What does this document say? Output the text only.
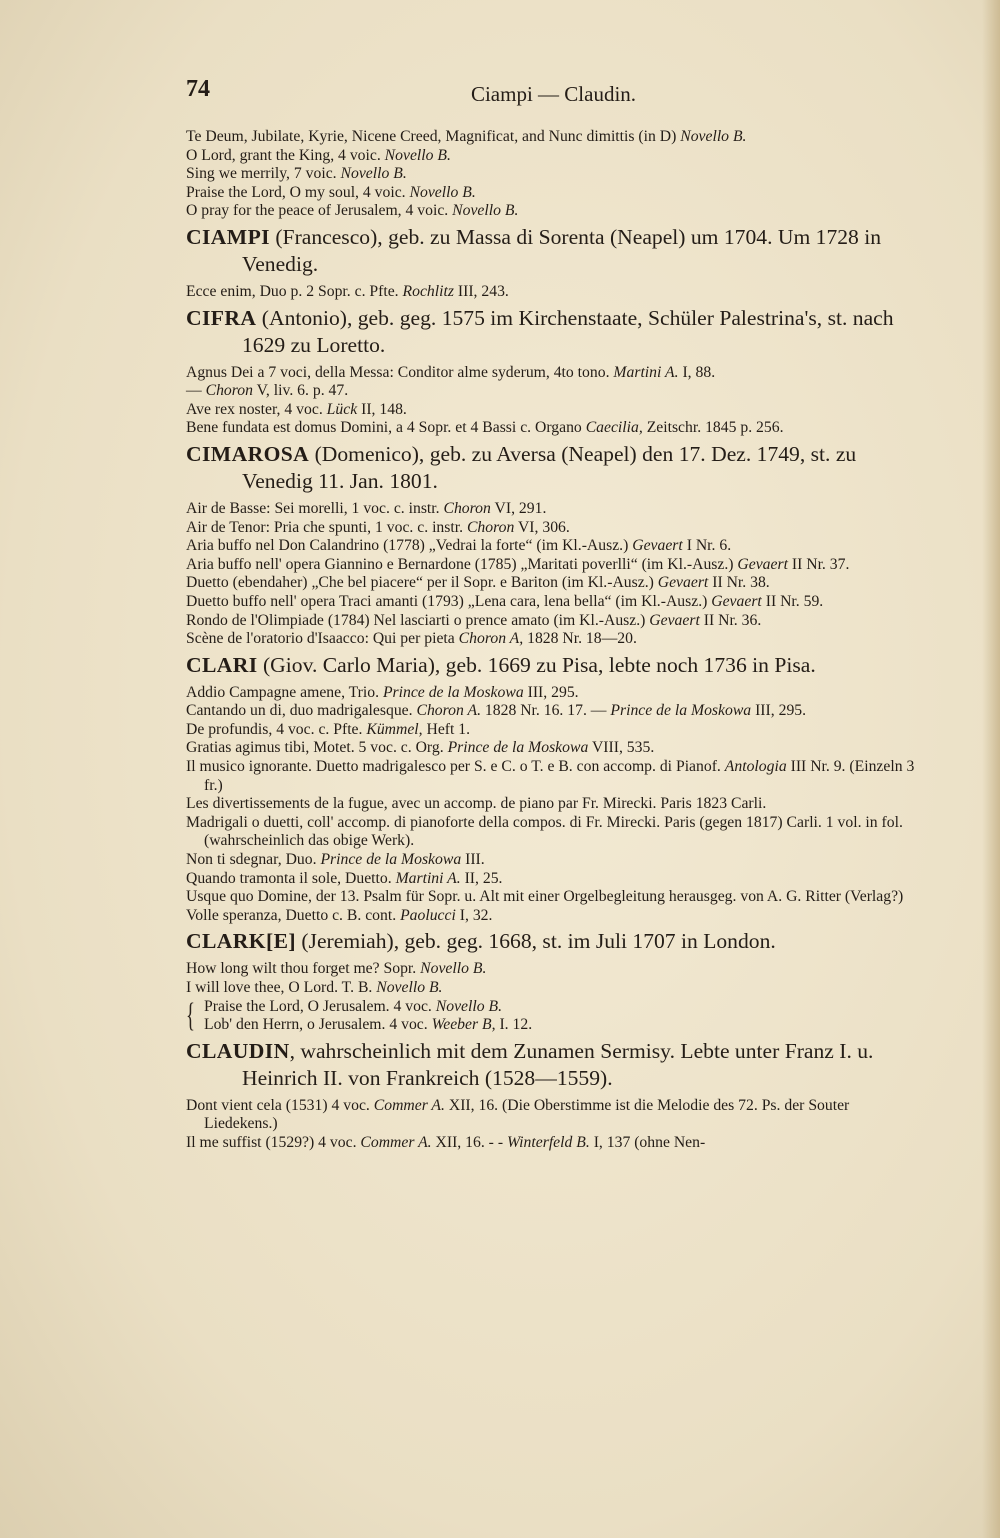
74	Ciampi — Claudin.
Te Deum, Jubilate, Kyrie, Nicene Creed, Magnificat, and Nunc dimittis (in D) Novello B.
O Lord, grant the King, 4 voic. Novello B.
Sing we merrily, 7 voic. Novello B.
Praise the Lord, O my soul, 4 voic. Novello B.
O pray for the peace of Jerusalem, 4 voic. Novello B.
CIAMPI (Francesco), geb. zu Massa di Sorenta (Neapel) um 1704. Um 1728 in Venedig.
Ecce enim, Duo p. 2 Sopr. c. Pfte. Rochlitz III, 243.
CIFRA (Antonio), geb. geg. 1575 im Kirchenstaate, Schüler Palestrina's, st. nach 1629 zu Loretto.
Agnus Dei a 7 voci, della Messa: Conditor alme syderum, 4to tono. Martini A. I, 88.
— Choron V, liv. 6. p. 47.
Ave rex noster, 4 voc. Lück II, 148.
Bene fundata est domus Domini, a 4 Sopr. et 4 Bassi c. Organo Caecilia, Zeitschr. 1845 p. 256.
CIMAROSA (Domenico), geb. zu Aversa (Neapel) den 17. Dez. 1749, st. zu Venedig 11. Jan. 1801.
Air de Basse: Sei morelli, 1 voc. c. instr. Choron VI, 291.
Air de Tenor: Pria che spunti, 1 voc. c. instr. Choron VI, 306.
Aria buffo nel Don Calandrino (1778) „Vedrai la forte“ (im Kl.-Ausz.) Gevaert I Nr. 6.
Aria buffo nell' opera Giannino e Bernardone (1785) „Maritati poverlli“ (im Kl.-Ausz.) Gevaert II Nr. 37.
Duetto (ebendaher) „Che bel piacere“ per il Sopr. e Bariton (im Kl.-Ausz.) Gevaert II Nr. 38.
Duetto buffo nell' opera Traci amanti (1793) „Lena cara, lena bella“ (im Kl.-Ausz.) Gevaert II Nr. 59.
Rondo de l'Olimpiade (1784) Nel lasciarti o prence amato (im Kl.-Ausz.) Gevaert II Nr. 36.
Scène de l'oratorio d'Isaacco: Qui per pieta Choron A, 1828 Nr. 18—20.
CLARI (Giov. Carlo Maria), geb. 1669 zu Pisa, lebte noch 1736 in Pisa.
Addio Campagne amene, Trio. Prince de la Moskowa III, 295.
Cantando un di, duo madrigalesque. Choron A. 1828 Nr. 16. 17. — Prince de la Moskowa III, 295.
De profundis, 4 voc. c. Pfte. Kümmel, Heft 1.
Gratias agimus tibi, Motet. 5 voc. c. Org. Prince de la Moskowa VIII, 535.
Il musico ignorante. Duetto madrigalesco per S. e C. o T. e B. con accomp. di Pianof. Antologia III Nr. 9. (Einzeln 3 fr.)
Les divertissements de la fugue, avec un accomp. de piano par Fr. Mirecki. Paris 1823 Carli.
Madrigali o duetti, coll' accomp. di pianoforte della compos. di Fr. Mirecki. Paris (gegen 1817) Carli. 1 vol. in fol. (wahrscheinlich das obige Werk).
Non ti sdegnar, Duo. Prince de la Moskowa III.
Quando tramonta il sole, Duetto. Martini A. II, 25.
Usque quo Domine, der 13. Psalm für Sopr. u. Alt mit einer Orgelbegleitung herausgeg. von A. G. Ritter (Verlag?)
Volle speranza, Duetto c. B. cont. Paolucci I, 32.
CLARK[E] (Jeremiah), geb. geg. 1668, st. im Juli 1707 in London.
How long wilt thou forget me? Sopr. Novello B.
I will love thee, O Lord. T. B. Novello B.
{ Praise the Lord, O Jerusalem. 4 voc. Novello B.
Lob' den Herrn, o Jerusalem. 4 voc. Weeber B, I. 12.
CLAUDIN, wahrscheinlich mit dem Zunamen Sermisy. Lebte unter Franz I. u. Heinrich II. von Frankreich (1528—1559).
Dont vient cela (1531) 4 voc. Commer A. XII, 16. (Die Oberstimme ist die Melodie des 72. Ps. der Souter Liedekens.)
Il me suffist (1529?) 4 voc. Commer A. XII, 16. - - Winterfeld B. I, 137 (ohne Nen-
